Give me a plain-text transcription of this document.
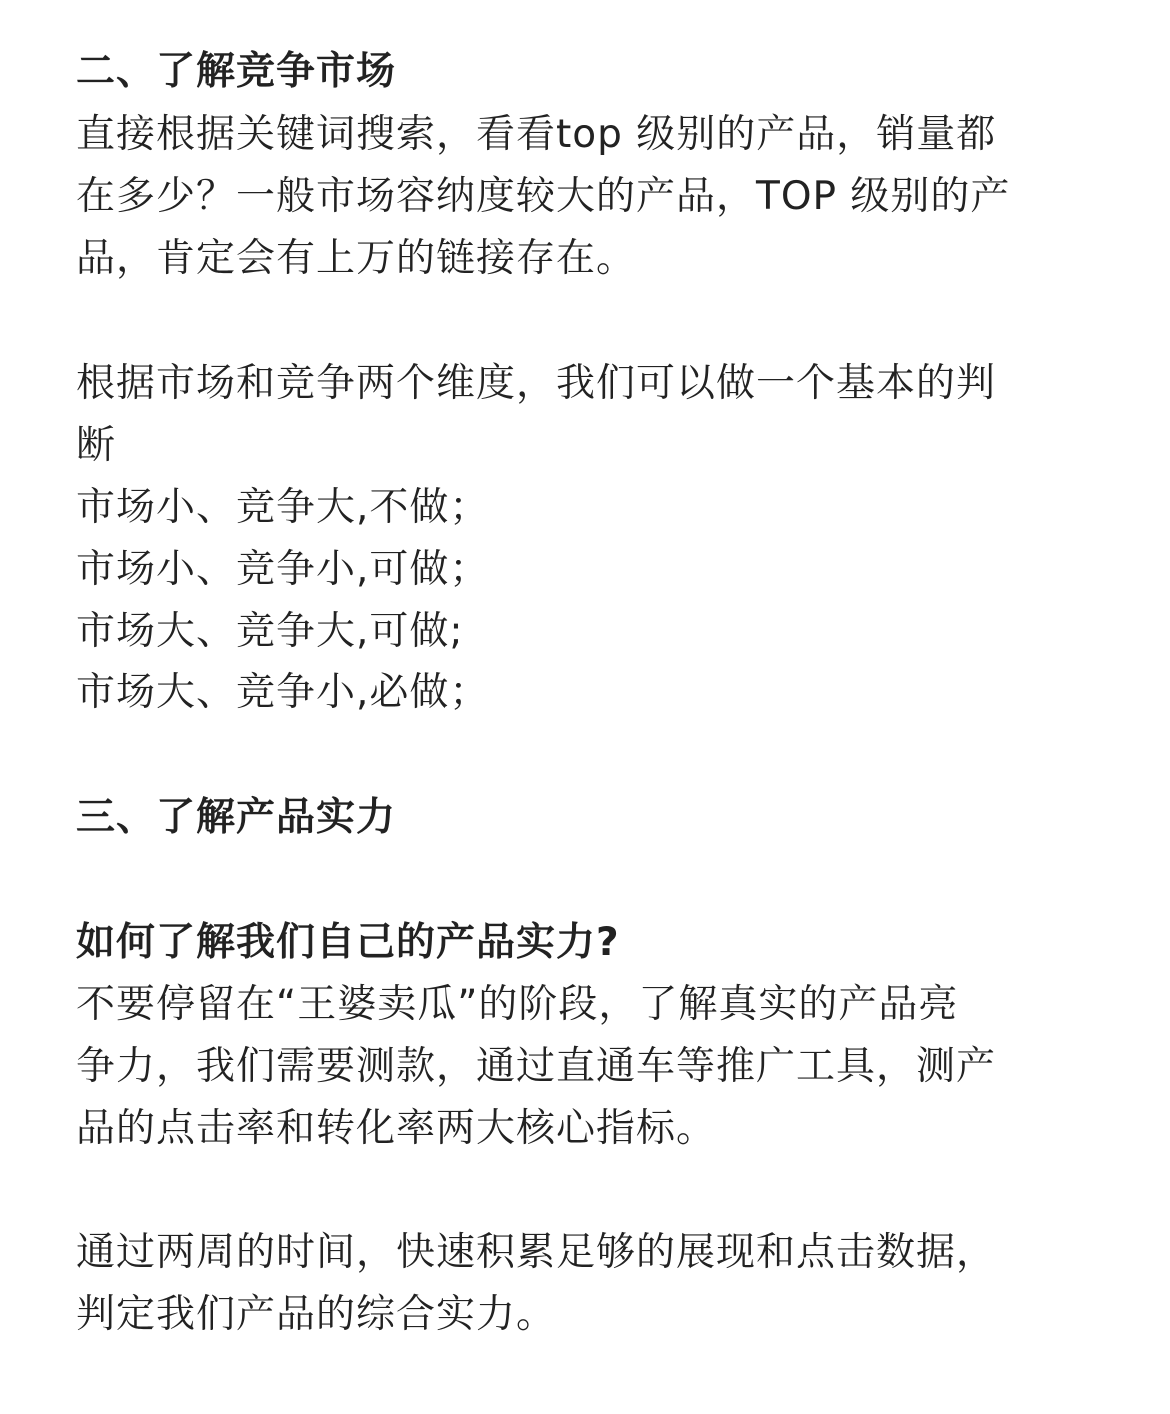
二、了解竞争市场
直接根据关键词搜索，看看top 级别的产品，销量都
在多少？一般市场容纳度较大的产品，TOP 级别的产
品，肯定会有上万的链接存在。
根据市场和竞争两个维度，我们可以做一个基本的判
断
市场小、竞争大,不做；
市场小、竞争小,可做；
市场大、竞争大,可做;
市场大、竞争小,必做；
三、了解产品实力
如何了解我们自己的产品实力?
不要停留在“王婆卖瓜”的阶段，了解真实的产品亮
争力，我们需要测款，通过直通车等推广工具，测产
品的点击率和转化率两大核心指标。
通过两周的时间，快速积累足够的展现和点击数据，
判定我们产品的综合实力。
